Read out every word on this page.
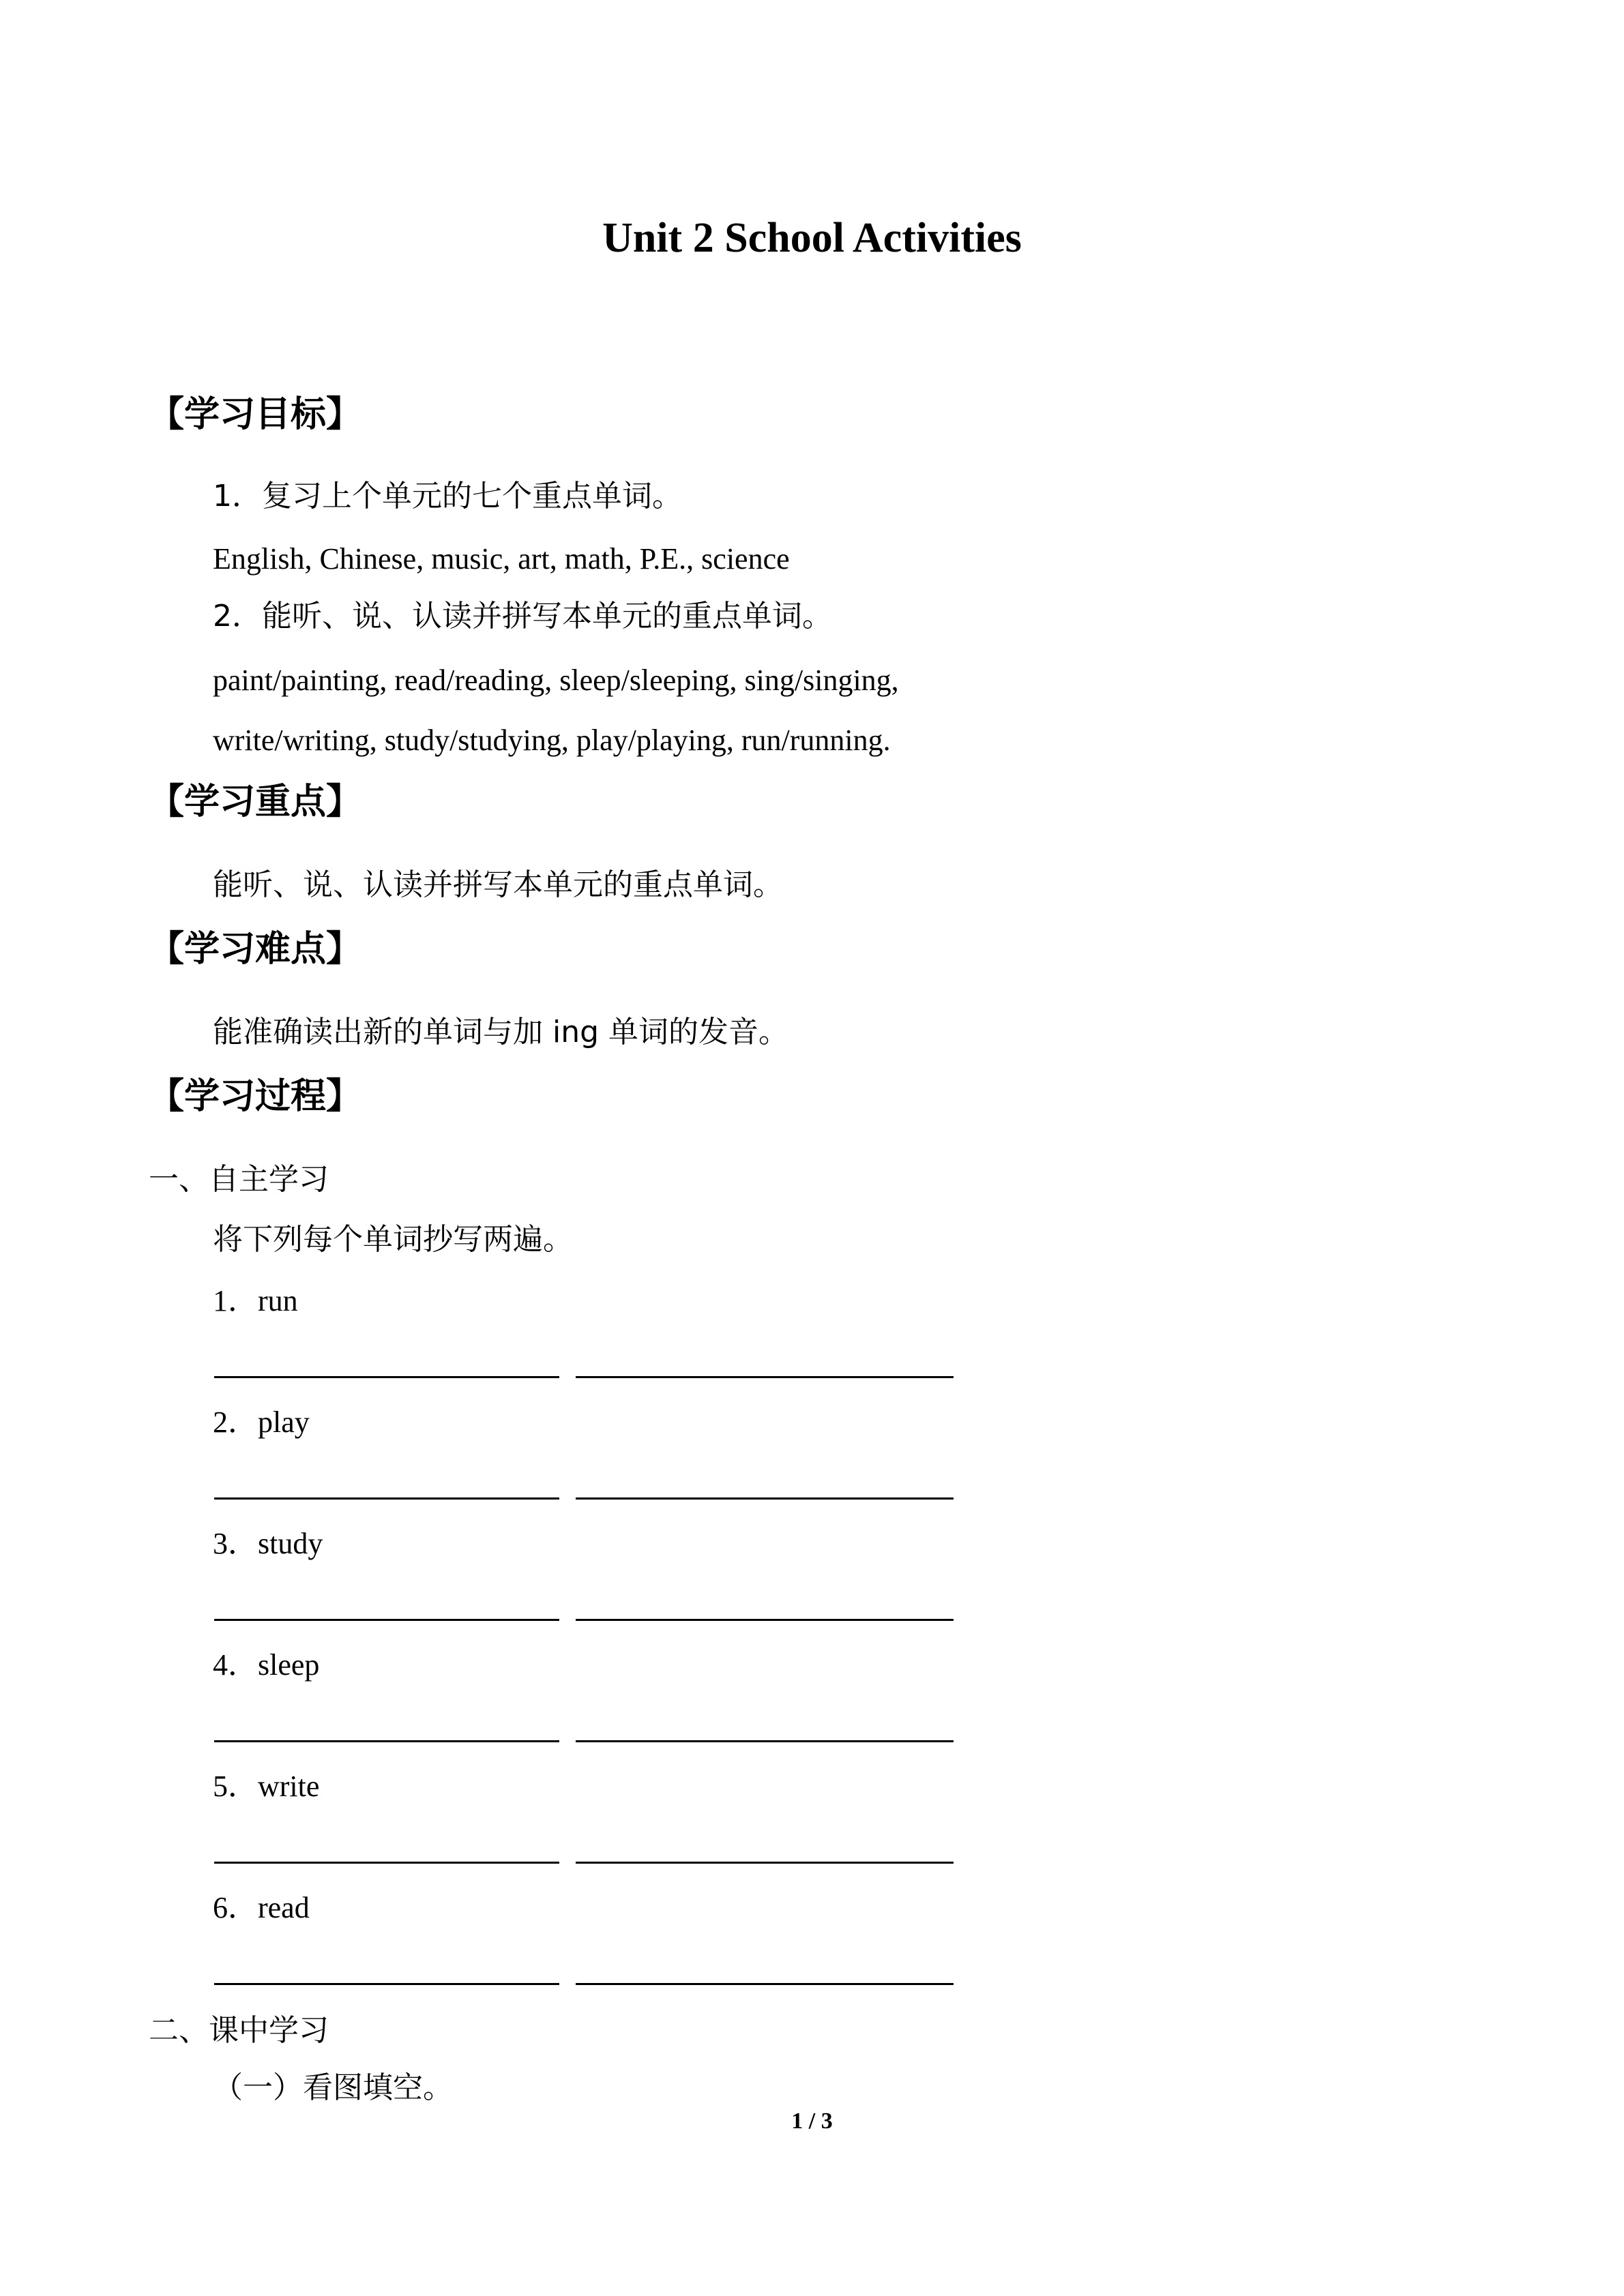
Unit 2 School Activities
【学习目标】
1．复习上个单元的七个重点单词。
English, Chinese, music, art, math, P.E., science
2．能听、说、认读并拼写本单元的重点单词。
paint/painting, read/reading, sleep/sleeping, sing/singing,
write/writing, study/studying, play/playing, run/running.
【学习重点】
能听、说、认读并拼写本单元的重点单词。
【学习难点】
能准确读出新的单词与加 ing 单词的发音。
【学习过程】
一、自主学习
将下列每个单词抄写两遍。
1．run
2．play
3．study
4．sleep
5．write
6．read
二、课中学习
（一）看图填空。
1 / 3
